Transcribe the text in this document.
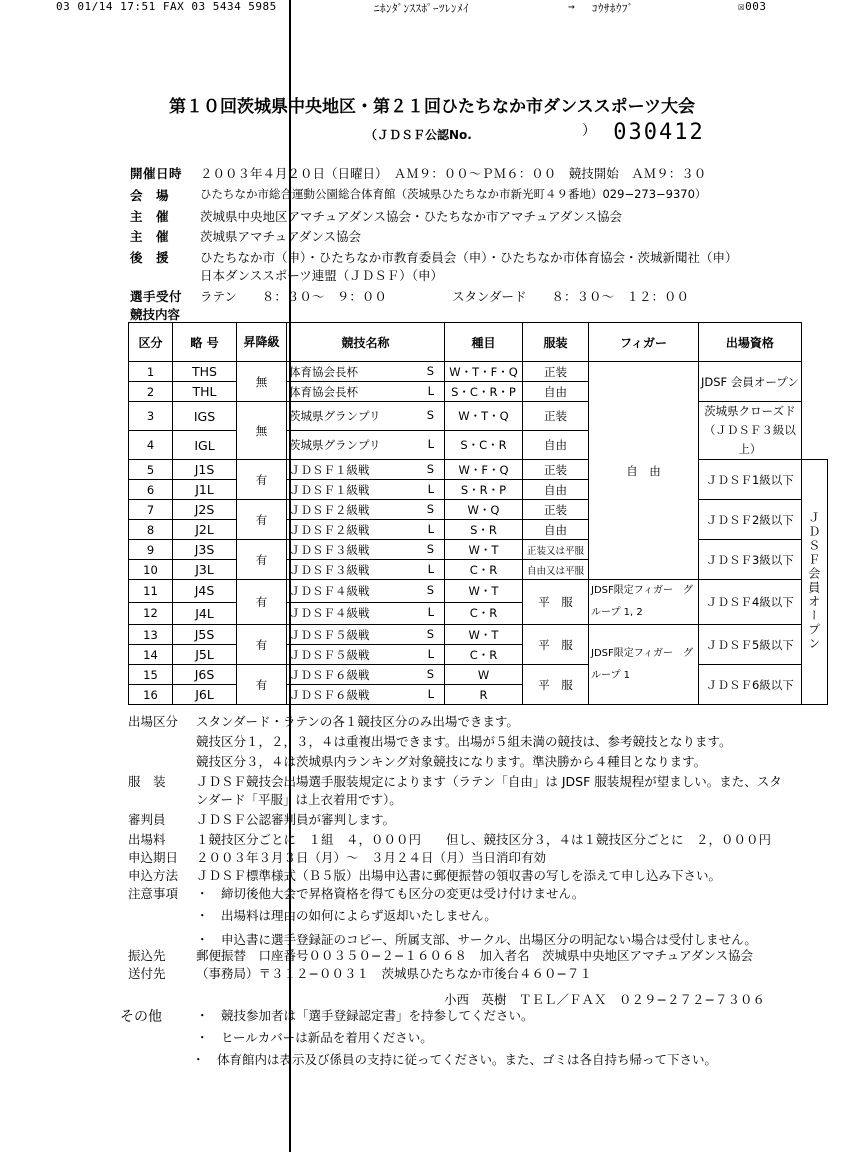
03 01/14 17:51 FAX 03 5434 5985	ﾆﾎﾝﾀﾞﾝｽｽﾎﾟｰﾂﾚﾝﾒｲ	→ ｺｳｻﾎｳﾌﾞ	☒003
第１０回茨城県中央地区・第２１回ひたちなか市ダンススポーツ大会
（ＪＤＳＦ公認No.	） 030412
開催日時 ２００３年４月２０日（日曜日）　ＡＭ９：００〜ＰＭ６：００　競技開始　ＡＭ９：３０
会　場	ひたちなか市総合運動公園総合体育館（茨城県ひたちなか市新光町４９番地）029−273−9370）
主　催 茨城県中央地区アマチュアダンス協会・ひたちなか市アマチュアダンス協会
主　催 茨城県アマチュアダンス協会
後　援 ひたちなか市（申）・ひたちなか市教育委員会（申）・ひたちなか市体育協会・茨城新聞社（申）
日本ダンススポーツ連盟（ＪＤＳＦ）（申）
選手受付 ラテン　　８：３０〜　９：００	スタンダード　　８：３０〜　１２：００
競技内容
区分	略 号	昇降級	競技名称	種目	服装	フィガー	出場資格	
1	THS	無	体育協会長杯 S	W・T・F・Q	正装	自　由	JDSF 会員オープン	
2	THL		体育協会長杯 L	S・C・R・P	自由			
3	IGS	無	茨城県グランプリ S	W・T・Q	正装		茨城県クローズド（ＪＤＳＦ３級以上）	
4	IGL		茨城県グランプリ L	S・C・R	自由			
5	J1S	有	ＪＤＳＦ１級戦 S	W・F・Q	正装		ＪＤＳＦ1級以下	ＪＤＳＦ会員オープン
6	J1L		ＪＤＳＦ１級戦 L	S・R・P	自由			
7	J2S	有	ＪＤＳＦ２級戦 S	W・Q	正装		ＪＤＳＦ2級以下	
8	J2L		ＪＤＳＦ２級戦 L	S・R	自由			
9	J3S	有	ＪＤＳＦ３級戦 S	W・T	正装又は平服		ＪＤＳＦ3級以下	
10	J3L		ＪＤＳＦ３級戦 L	C・R	自由又は平服			
11	J4S	有	ＪＤＳＦ４級戦 S	W・T	平　服	JDSF限定フィガー　グループ 1, 2	ＪＤＳＦ4級以下	
12	J4L		ＪＤＳＦ４級戦 L	C・R				
13	J5S	有	ＪＤＳＦ５級戦 S	W・T	平　服	JDSF限定フィガー　グループ 1	ＪＤＳＦ5級以下	
14	J5L		ＪＤＳＦ５級戦 L	C・R				
15	J6S	有	ＪＤＳＦ６級戦 S	W	平　服		ＪＤＳＦ6級以下	
16	J6L		ＪＤＳＦ６級戦 L	R				
出場区分 スタンダード・ラテンの各１競技区分のみ出場できます。
競技区分１，２，３，４は重複出場できます。出場が５組未満の競技は、参考競技となります。
競技区分３，４は茨城県内ランキング対象競技になります。準決勝から４種目となります。
服　装 ＪＤＳＦ競技会出場選手服装規定によります（ラテン「自由」は JDSF 服装規程が望ましい。また、スタ
ンダード「平服」は上衣着用です）。
審判員 ＪＤＳＦ公認審判員が審判します。
出場料 １競技区分ごとに　１組　４，０００円　　但し、競技区分３，４は１競技区分ごとに　２，０００円
申込期日 ２００３年３月３日（月）〜　３月２４日（月）当日消印有効
申込方法 ＪＤＳＦ標準様式（Ｂ５版）出場申込書に郵便振替の領収書の写しを添えて申し込み下さい。
注意事項 ・　締切後他大会で昇格資格を得ても区分の変更は受け付けません。
・　出場料は理由の如何によらず返却いたしません。
・　申込書に選手登録証のコピー、所属支部、サークル、出場区分の明記ない場合は受付しません。
振込先 郵便振替　口座番号００３５０−２−１６０６８　加入者名　茨城県中央地区アマチュアダンス協会
送付先 （事務局）〒３１２−００３１　茨城県ひたちなか市後台４６０−７１
小西　英樹　ＴＥＬ／ＦＡＸ　０２９−２７２−７３０６
その他	・　競技参加者は「選手登録認定書」を持参してください。
・　ヒールカバーは新品を着用ください。
・　体育館内は表示及び係員の支持に従ってください。また、ゴミは各自持ち帰って下さい。
